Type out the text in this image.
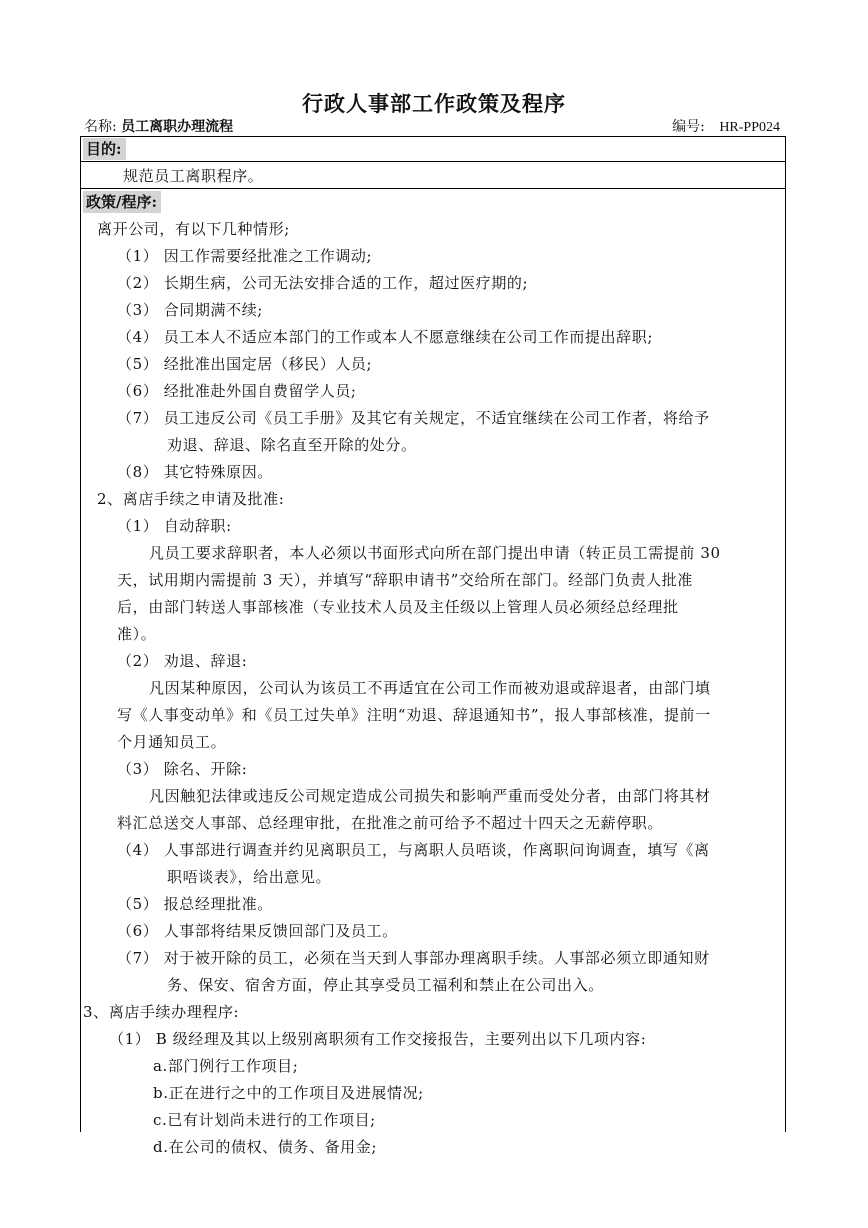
行政人事部工作政策及程序
名称: 员工离职办理流程	编号: HR-PP024
目的:
规范员工离职程序。
政策/程序:
离开公司，有以下几种情形;
（1） 因工作需要经批准之工作调动;
（2） 长期生病，公司无法安排合适的工作，超过医疗期的;
（3） 合同期满不续;
（4） 员工本人不适应本部门的工作或本人不愿意继续在公司工作而提出辞职;
（5） 经批准出国定居（移民）人员;
（6） 经批准赴外国自费留学人员;
（7） 员工违反公司《员工手册》及其它有关规定，不适宜继续在公司工作者，将给予
劝退、辞退、除名直至开除的处分。
（8） 其它特殊原因。
2、离店手续之申请及批准:
（1） 自动辞职:
凡员工要求辞职者，本人必须以书面形式向所在部门提出申请（转正员工需提前 30
天，试用期内需提前 3 天），并填写“辞职申请书”交给所在部门。经部门负责人批准
后，由部门转送人事部核准（专业技术人员及主任级以上管理人员必须经总经理批
准）。
（2） 劝退、辞退:
凡因某种原因，公司认为该员工不再适宜在公司工作而被劝退或辞退者，由部门填
写《人事变动单》和《员工过失单》注明“劝退、辞退通知书”，报人事部核准，提前一
个月通知员工。
（3） 除名、开除:
凡因触犯法律或违反公司规定造成公司损失和影响严重而受处分者，由部门将其材
料汇总送交人事部、总经理审批，在批准之前可给予不超过十四天之无薪停职。
（4） 人事部进行调查并约见离职员工，与离职人员唔谈，作离职问询调查，填写《离
职唔谈表》，给出意见。
（5） 报总经理批准。
（6） 人事部将结果反馈回部门及员工。
（7） 对于被开除的员工，必须在当天到人事部办理离职手续。人事部必须立即通知财
务、保安、宿舍方面，停止其享受员工福利和禁止在公司出入。
3、离店手续办理程序:
（1） B 级经理及其以上级别离职须有工作交接报告，主要列出以下几项内容:
a.部门例行工作项目;
b.正在进行之中的工作项目及进展情况;
c.已有计划尚未进行的工作项目;
d.在公司的债权、债务、备用金;
